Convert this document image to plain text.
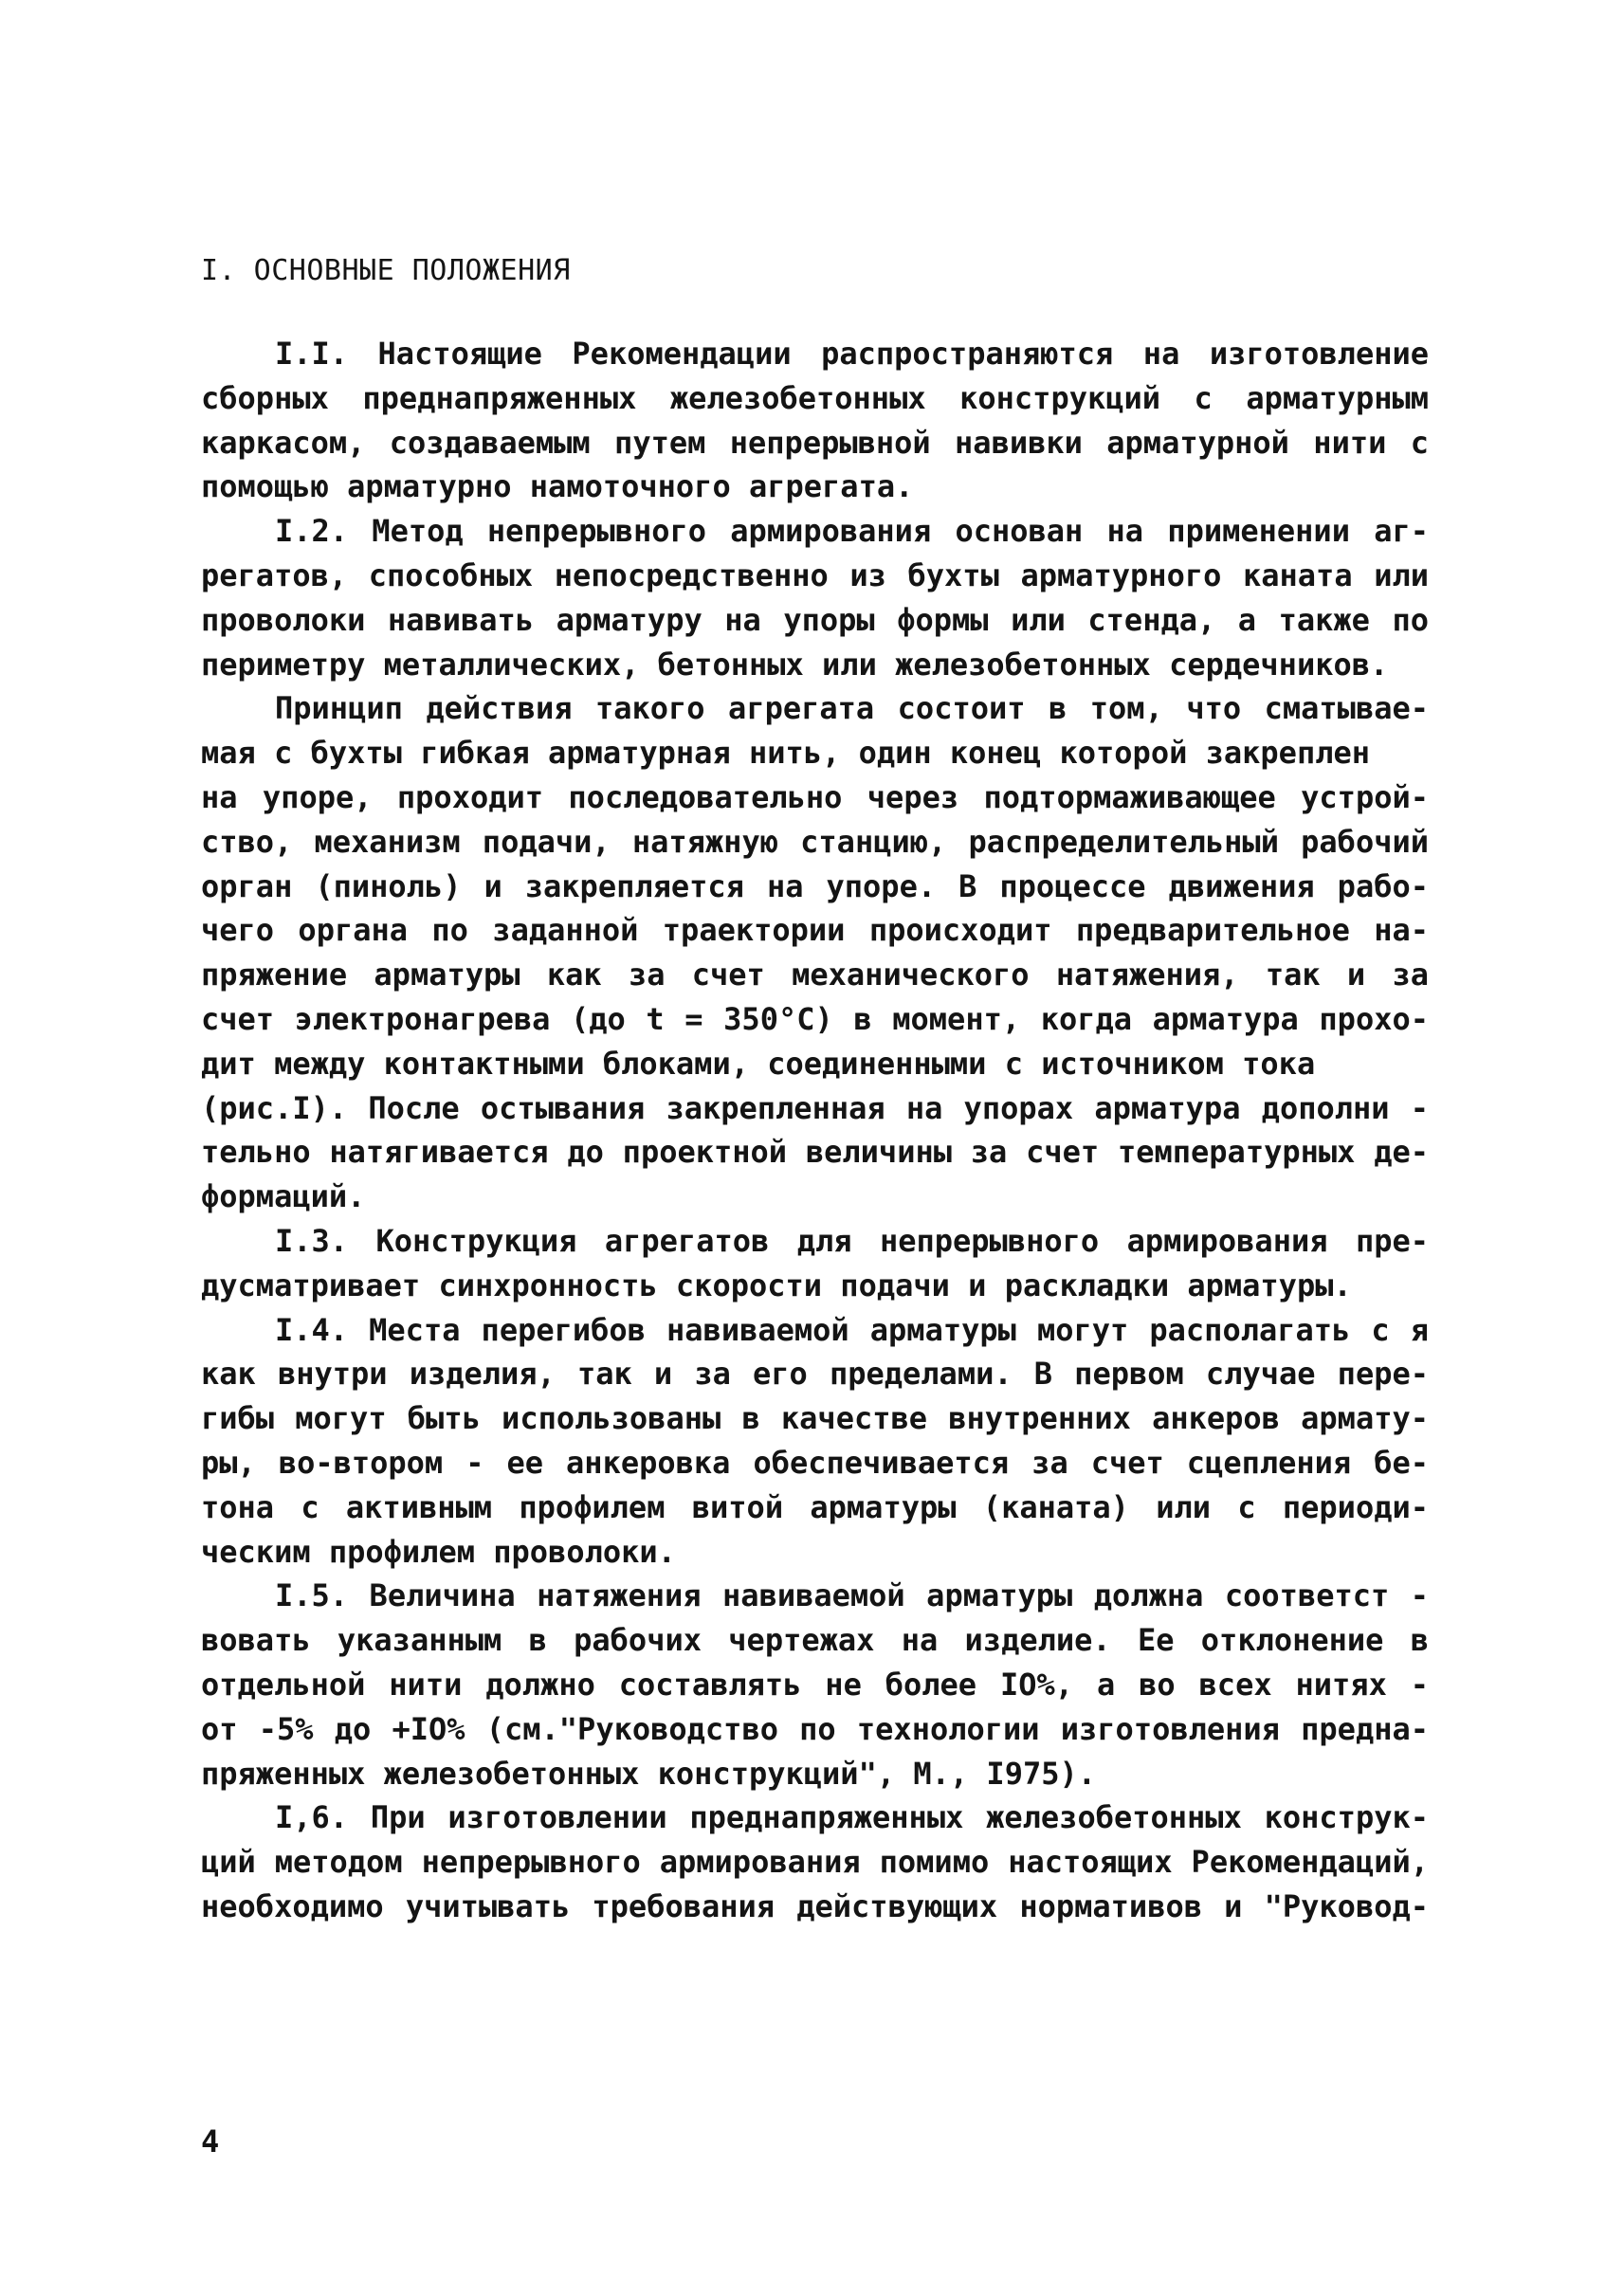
I. ОСНОВНЫЕ ПОЛОЖЕНИЯ
I.I. Настоящие Рекомендации распространяются на изготовление
сборных преднапряженных железобетонных конструкций с арматурным
каркасом, создаваемым путем непрерывной навивки арматурной нити с
помощью арматурно намоточного агрегата.
I.2. Метод непрерывного армирования основан на применении аг-
регатов, способных непосредственно из бухты арматурного каната или
проволоки навивать арматуру на упоры формы или стенда, а также по
периметру металлических, бетонных или железобетонных сердечников.
Принцип действия такого агрегата состоит в том, что сматывае-
мая с бухты гибкая арматурная нить, один конец которой закреплен
на упоре, проходит последовательно через подтормаживающее устрой-
ство, механизм подачи, натяжную станцию, распределительный рабочий
орган (пиноль) и закрепляется на упоре. В процессе движения рабо-
чего органа по заданной траектории происходит предварительное на-
пряжение арматуры как за счет механического натяжения, так и за
счет электронагрева (до t = 350°С) в момент, когда арматура прохо-
дит между контактными блоками, соединенными с источником тока
(рис.I). После остывания закрепленная на упорах арматура дополни -
тельно натягивается до проектной величины за счет температурных де-
формаций.
I.3. Конструкция агрегатов для непрерывного армирования пре-
дусматривает синхронность скорости подачи и раскладки арматуры.
I.4. Места перегибов навиваемой арматуры могут располагать с я
как внутри изделия, так и за его пределами. В первом случае пере-
гибы могут быть использованы в качестве внутренних анкеров армату-
ры, во-втором - ее анкеровка обеспечивается за счет сцепления бе-
тона с активным профилем витой арматуры (каната) или с периоди-
ческим профилем проволоки.
I.5. Величина натяжения навиваемой арматуры должна соответст -
вовать указанным в рабочих чертежах на изделие. Ее отклонение в
отдельной нити должно составлять не более IO%, а во всех нитях -
от -5% до +IO% (см."Руководство по технологии изготовления предна-
пряженных железобетонных конструкций", М., I975).
I,6. При изготовлении преднапряженных железобетонных конструк-
ций методом непрерывного армирования помимо настоящих Рекомендаций,
необходимо учитывать требования действующих нормативов и "Руковод-
4
